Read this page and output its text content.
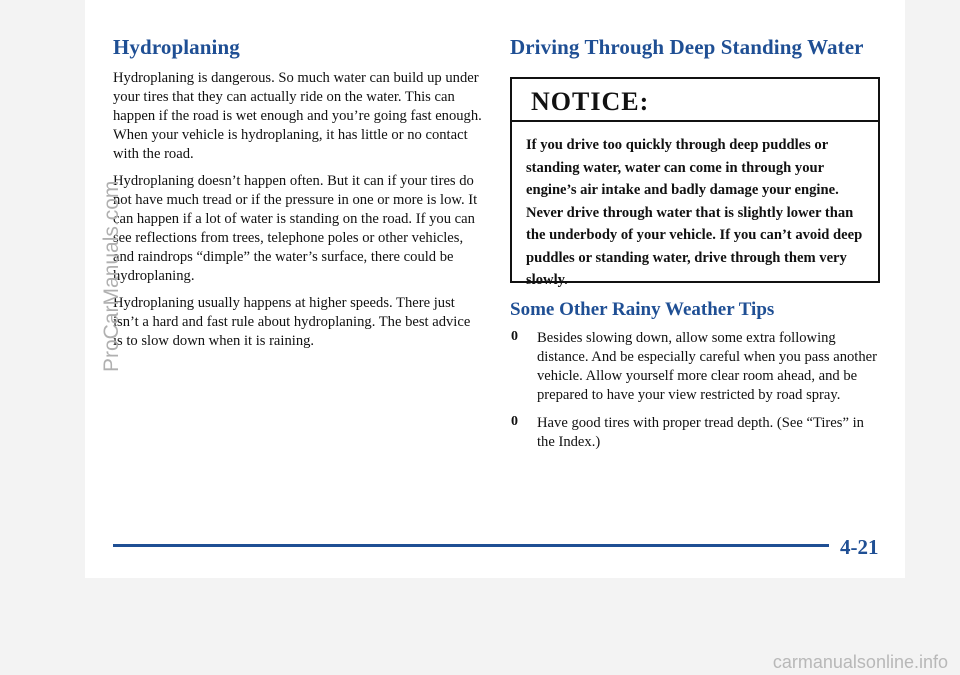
Hydroplaning

Hydroplaning is dangerous. So much water can build up under your tires that they can actually ride on the water. This can happen if the road is wet enough and you’re going fast enough. When your vehicle is hydroplaning, it has little or no contact with the road.

Hydroplaning doesn’t happen often. But it can if your tires do not have much tread or if the pressure in one or more is low. It can happen if a lot of water is standing on the road. If you can see reflections from trees, telephone poles or other vehicles, and raindrops “dimple” the water’s surface, there could be hydroplaning.

Hydroplaning usually happens at higher speeds. There just isn’t a hard and fast rule about hydroplaning. The best advice is to slow down when it is raining.

Driving Through Deep Standing Water
NOTICE:

If you drive too quickly through deep puddles or standing water, water can come in through your engine’s air intake and badly damage your engine. Never drive through water that is slightly lower than the underbody of your vehicle. If you can’t avoid deep puddles or standing water, drive through them very slowly.

Some Other Rainy Weather Tips
0 Besides slowing down, allow some extra following distance. And be especially careful when you pass another vehicle. Allow yourself more clear room ahead, and be prepared to have your view restricted by road spray.
0 Have good tires with proper tread depth. (See “Tires” in the Index.)
4-21
ProCarManuals.com
carmanualsonline.info
